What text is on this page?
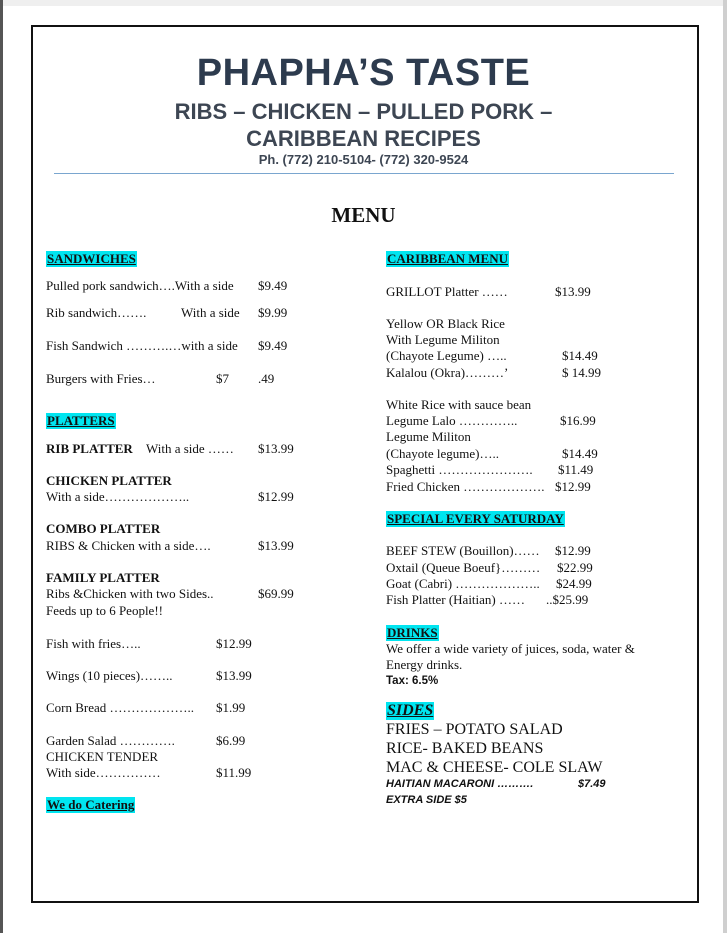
PHAPHA’S TASTE
RIBS – CHICKEN – PULLED PORK –
CARIBBEAN RECIPES
Ph. (772) 210-5104- (772) 320-9524
MENU
SANDWICHES
Pulled pork sandwich….With a side $9.49
Rib sandwich…….	With a side $9.99
Fish Sandwich ……….…with a side $9.49
Burgers with Fries…	$7 .49
PLATTERS
RIB PLATTER With a side …… $13.99
CHICKEN PLATTER
With a side………………..	$12.99
COMBO PLATTER
RIBS & Chicken with a side….	$13.99
FAMILY PLATTER
Ribs &Chicken with two Sides..	$69.99
Feeds up to 6 People!!
Fish with fries…..	$12.99
Wings (10 pieces)……..	$13.99
Corn Bread ……………….. $1.99
Garden Salad ………….	$6.99
CHICKEN TENDER
With side……………	$11.99
We do Catering
CARIBBEAN MENU
GRILLOT Platter ……	$13.99
Yellow OR Black Rice
With Legume Militon
(Chayote Legume) …..	$14.49
Kalalou (Okra)………’	$ 14.99
White Rice with sauce bean
Legume Lalo …………..	$16.99
Legume Militon
(Chayote legume)…..	$14.49
Spaghetti …………………. $11.49
Fried Chicken ………………. $12.99
SPECIAL EVERY SATURDAY
BEEF STEW (Bouillon)…… $12.99
Oxtail (Queue Boeuf}……… $22.99
Goat (Cabri) ……………….. $24.99
Fish Platter (Haitian) …… ..$25.99
DRINKS
We offer a wide variety of juices, soda, water &
Energy drinks.
Tax: 6.5%
SIDES
FRIES – POTATO SALAD
RICE- BAKED BEANS
MAC & CHEESE- COLE SLAW
HAITIAN MACARONI ……….	$7.49
EXTRA SIDE $5
